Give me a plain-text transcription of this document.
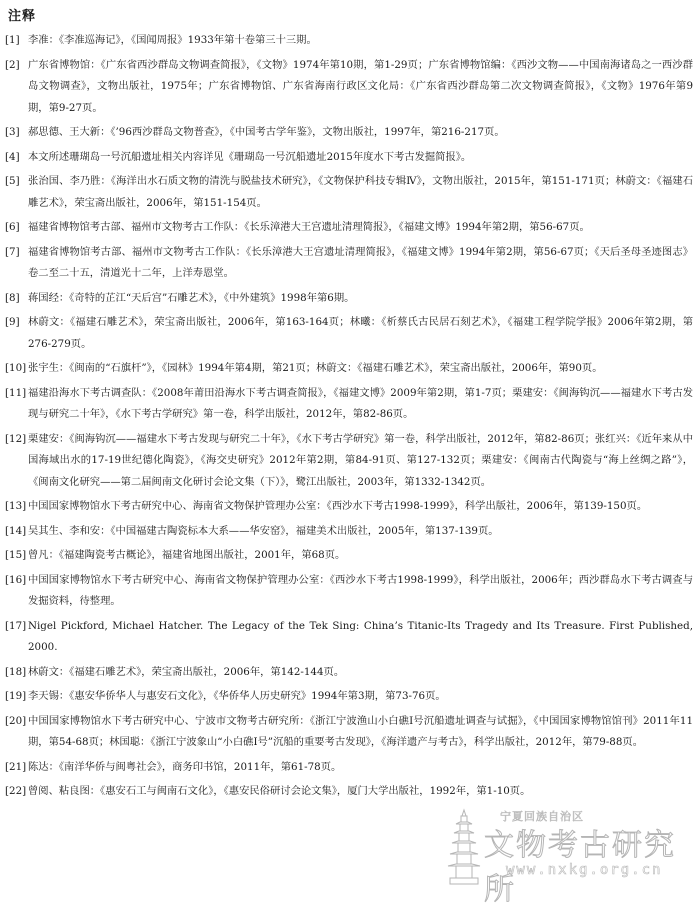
注释
[1] 李准：《李准巡海记》，《国闻周报》1933年第十卷第三十三期。
[2] 广东省博物馆：《广东省西沙群岛文物调查简报》，《文物》1974年第10期，第1-29页；广东省博物馆编：《西沙文物——中国南海诸岛之一西沙群岛文物调查》，文物出版社，1975年；广东省博物馆、广东省海南行政区文化局：《广东省西沙群岛第二次文物调查简报》，《文物》1976年第9期，第9-27页。
[3] 郝思德、王大新：《’96西沙群岛文物普查》，《中国考古学年鉴》，文物出版社，1997年，第216-217页。
[4] 本文所述珊瑚岛一号沉船遗址相关内容详见《珊瑚岛一号沉船遗址2015年度水下考古发掘简报》。
[5] 张治国、李乃胜：《海洋出水石质文物的清洗与脱盐技术研究》，《文物保护科技专辑Ⅳ》，文物出版社，2015年，第151-171页；林蔚文：《福建石雕艺术》，荣宝斋出版社，2006年，第151-154页。
[6] 福建省博物馆考古部、福州市文物考古工作队：《长乐漳港大王宫遗址清理简报》，《福建文博》1994年第2期，第56-67页。
[7] 福建省博物馆考古部、福州市文物考古工作队：《长乐漳港大王宫遗址清理简报》，《福建文博》1994年第2期，第56-67页；《天后圣母圣迹图志》卷二至二十五，清道光十二年，上洋寿恩堂。
[8] 蒋国经：《奇特的芷江“天后宫”石雕艺术》，《中外建筑》1998年第6期。
[9] 林蔚文：《福建石雕艺术》，荣宝斋出版社，2006年，第163-164页；林曦：《析蔡氏古民居石刻艺术》，《福建工程学院学报》2006年第2期，第276-279页。
[10] 张宇生：《闽南的“石旗杆”》，《园林》1994年第4期，第21页；林蔚文：《福建石雕艺术》，荣宝斋出版社，2006年，第90页。
[11] 福建沿海水下考古调查队：《2008年莆田沿海水下考古调查简报》，《福建文博》2009年第2期，第1-7页；栗建安：《闽海钩沉——福建水下考古发现与研究二十年》，《水下考古学研究》第一卷，科学出版社，2012年，第82-86页。
[12] 栗建安：《闽海钩沉——福建水下考古发现与研究二十年》，《水下考古学研究》第一卷，科学出版社，2012年，第82-86页；张红兴：《近年来从中国海域出水的17-19世纪德化陶瓷》，《海交史研究》2012年第2期，第84-91页、第127-132页；栗建安：《闽南古代陶瓷与“海上丝绸之路”》，《闽南文化研究——第二届闽南文化研讨会论文集（下）》，鹭江出版社，2003年，第1332-1342页。
[13] 中国国家博物馆水下考古研究中心、海南省文物保护管理办公室：《西沙水下考古1998-1999》，科学出版社，2006年，第139-150页。
[14] 吴其生、李和安：《中国福建古陶瓷标本大系——华安窑》，福建美术出版社，2005年，第137-139页。
[15] 曾凡：《福建陶瓷考古概论》，福建省地图出版社，2001年，第68页。
[16] 中国国家博物馆水下考古研究中心、海南省文物保护管理办公室：《西沙水下考古1998-1999》，科学出版社，2006年；西沙群岛水下考古调查与发掘资料，待整理。
[17] Nigel Pickford, Michael Hatcher. The Legacy of the Tek Sing: China’s Titanic-Its Tragedy and Its Treasure. First Published, 2000.
[18] 林蔚文：《福建石雕艺术》，荣宝斋出版社，2006年，第142-144页。
[19] 李天锡：《惠安华侨华人与惠安石文化》，《华侨华人历史研究》1994年第3期，第73-76页。
[20] 中国国家博物馆水下考古研究中心、宁波市文物考古研究所：《浙江宁波渔山小白礁Ⅰ号沉船遗址调查与试掘》，《中国国家博物馆馆刊》2011年11期，第54-68页；林国聪：《浙江宁波象山“小白礁Ⅰ号”沉船的重要考古发现》，《海洋遗产与考古》，科学出版社，2012年，第79-88页。
[21] 陈达：《南洋华侨与闽粤社会》，商务印书馆，2011年，第61-78页。
[22] 曾阅、粘良图：《惠安石工与闽南石文化》，《惠安民俗研讨会论文集》，厦门大学出版社，1992年，第1-10页。
宁夏回族自治区
文物考古研究所
www.nxkg.org.cn
